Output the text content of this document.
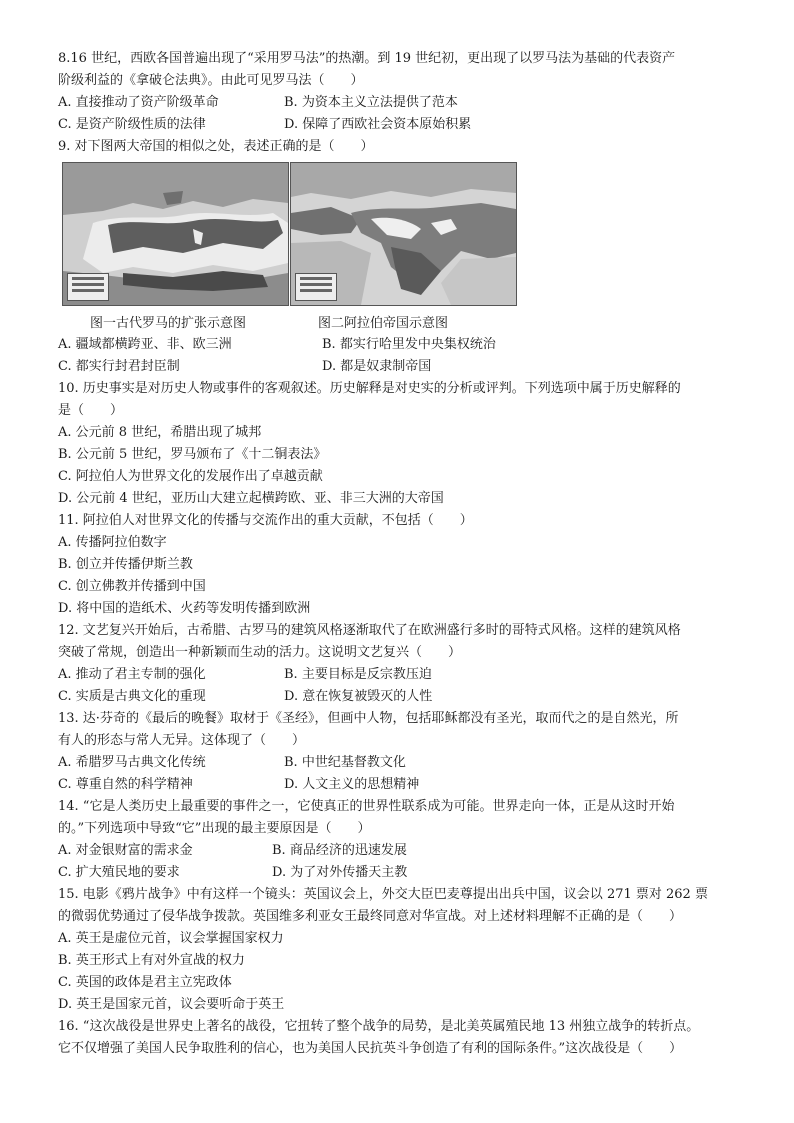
8.16 世纪，西欧各国普遍出现了“采用罗马法”的热潮。到 19 世纪初，更出现了以罗马法为基础的代表资产
阶级利益的《拿破仑法典》。由此可见罗马法（　　）
A. 直接推动了资产阶级革命	B. 为资本主义立法提供了范本
C. 是资产阶级性质的法律	D. 保障了西欧社会资本原始积累
9. 对下图两大帝国的相似之处，表述正确的是（　　）
图一古代罗马的扩张示意图	图二阿拉伯帝国示意图
A. 疆域都横跨亚、非、欧三洲	B. 都实行哈里发中央集权统治
C. 都实行封君封臣制	D. 都是奴隶制帝国
10. 历史事实是对历史人物或事件的客观叙述。历史解释是对史实的分析或评判。下列选项中属于历史解释的
是（　　）
A. 公元前 8 世纪，希腊出现了城邦
B. 公元前 5 世纪，罗马颁布了《十二铜表法》
C. 阿拉伯人为世界文化的发展作出了卓越贡献
D. 公元前 4 世纪，亚历山大建立起横跨欧、亚、非三大洲的大帝国
11. 阿拉伯人对世界文化的传播与交流作出的重大贡献，不包括（　　）
A. 传播阿拉伯数字
B. 创立并传播伊斯兰教
C. 创立佛教并传播到中国
D. 将中国的造纸术、火药等发明传播到欧洲
12. 文艺复兴开始后，古希腊、古罗马的建筑风格逐渐取代了在欧洲盛行多时的哥特式风格。这样的建筑风格
突破了常规，创造出一种新颖而生动的活力。这说明文艺复兴（　　）
A. 推动了君主专制的强化	B. 主要目标是反宗教压迫
C. 实质是古典文化的重现	D. 意在恢复被毁灭的人性
13. 达·芬奇的《最后的晚餐》取材于《圣经》，但画中人物，包括耶稣都没有圣光，取而代之的是自然光，所
有人的形态与常人无异。这体现了（　　）
A. 希腊罗马古典文化传统	B. 中世纪基督教文化
C. 尊重自然的科学精神	D. 人文主义的思想精神
14. “它是人类历史上最重要的事件之一，它使真正的世界性联系成为可能。世界走向一体，正是从这时开始
的。”下列选项中导致“它”出现的最主要原因是（　　）
A. 对金银财富的需求金	B. 商品经济的迅速发展
C. 扩大殖民地的要求	D. 为了对外传播天主教
15. 电影《鸦片战争》中有这样一个镜头：英国议会上，外交大臣巴麦尊提出出兵中国，议会以 271 票对 262 票
的微弱优势通过了侵华战争拨款。英国维多利亚女王最终同意对华宣战。对上述材料理解不正确的是（　　）
A. 英王是虚位元首，议会掌握国家权力
B. 英王形式上有对外宣战的权力
C. 英国的政体是君主立宪政体
D. 英王是国家元首，议会要听命于英王
16. “这次战役是世界史上著名的战役，它扭转了整个战争的局势，是北美英属殖民地 13 州独立战争的转折点。
它不仅增强了美国人民争取胜利的信心，也为美国人民抗英斗争创造了有利的国际条件。”这次战役是（　　）
